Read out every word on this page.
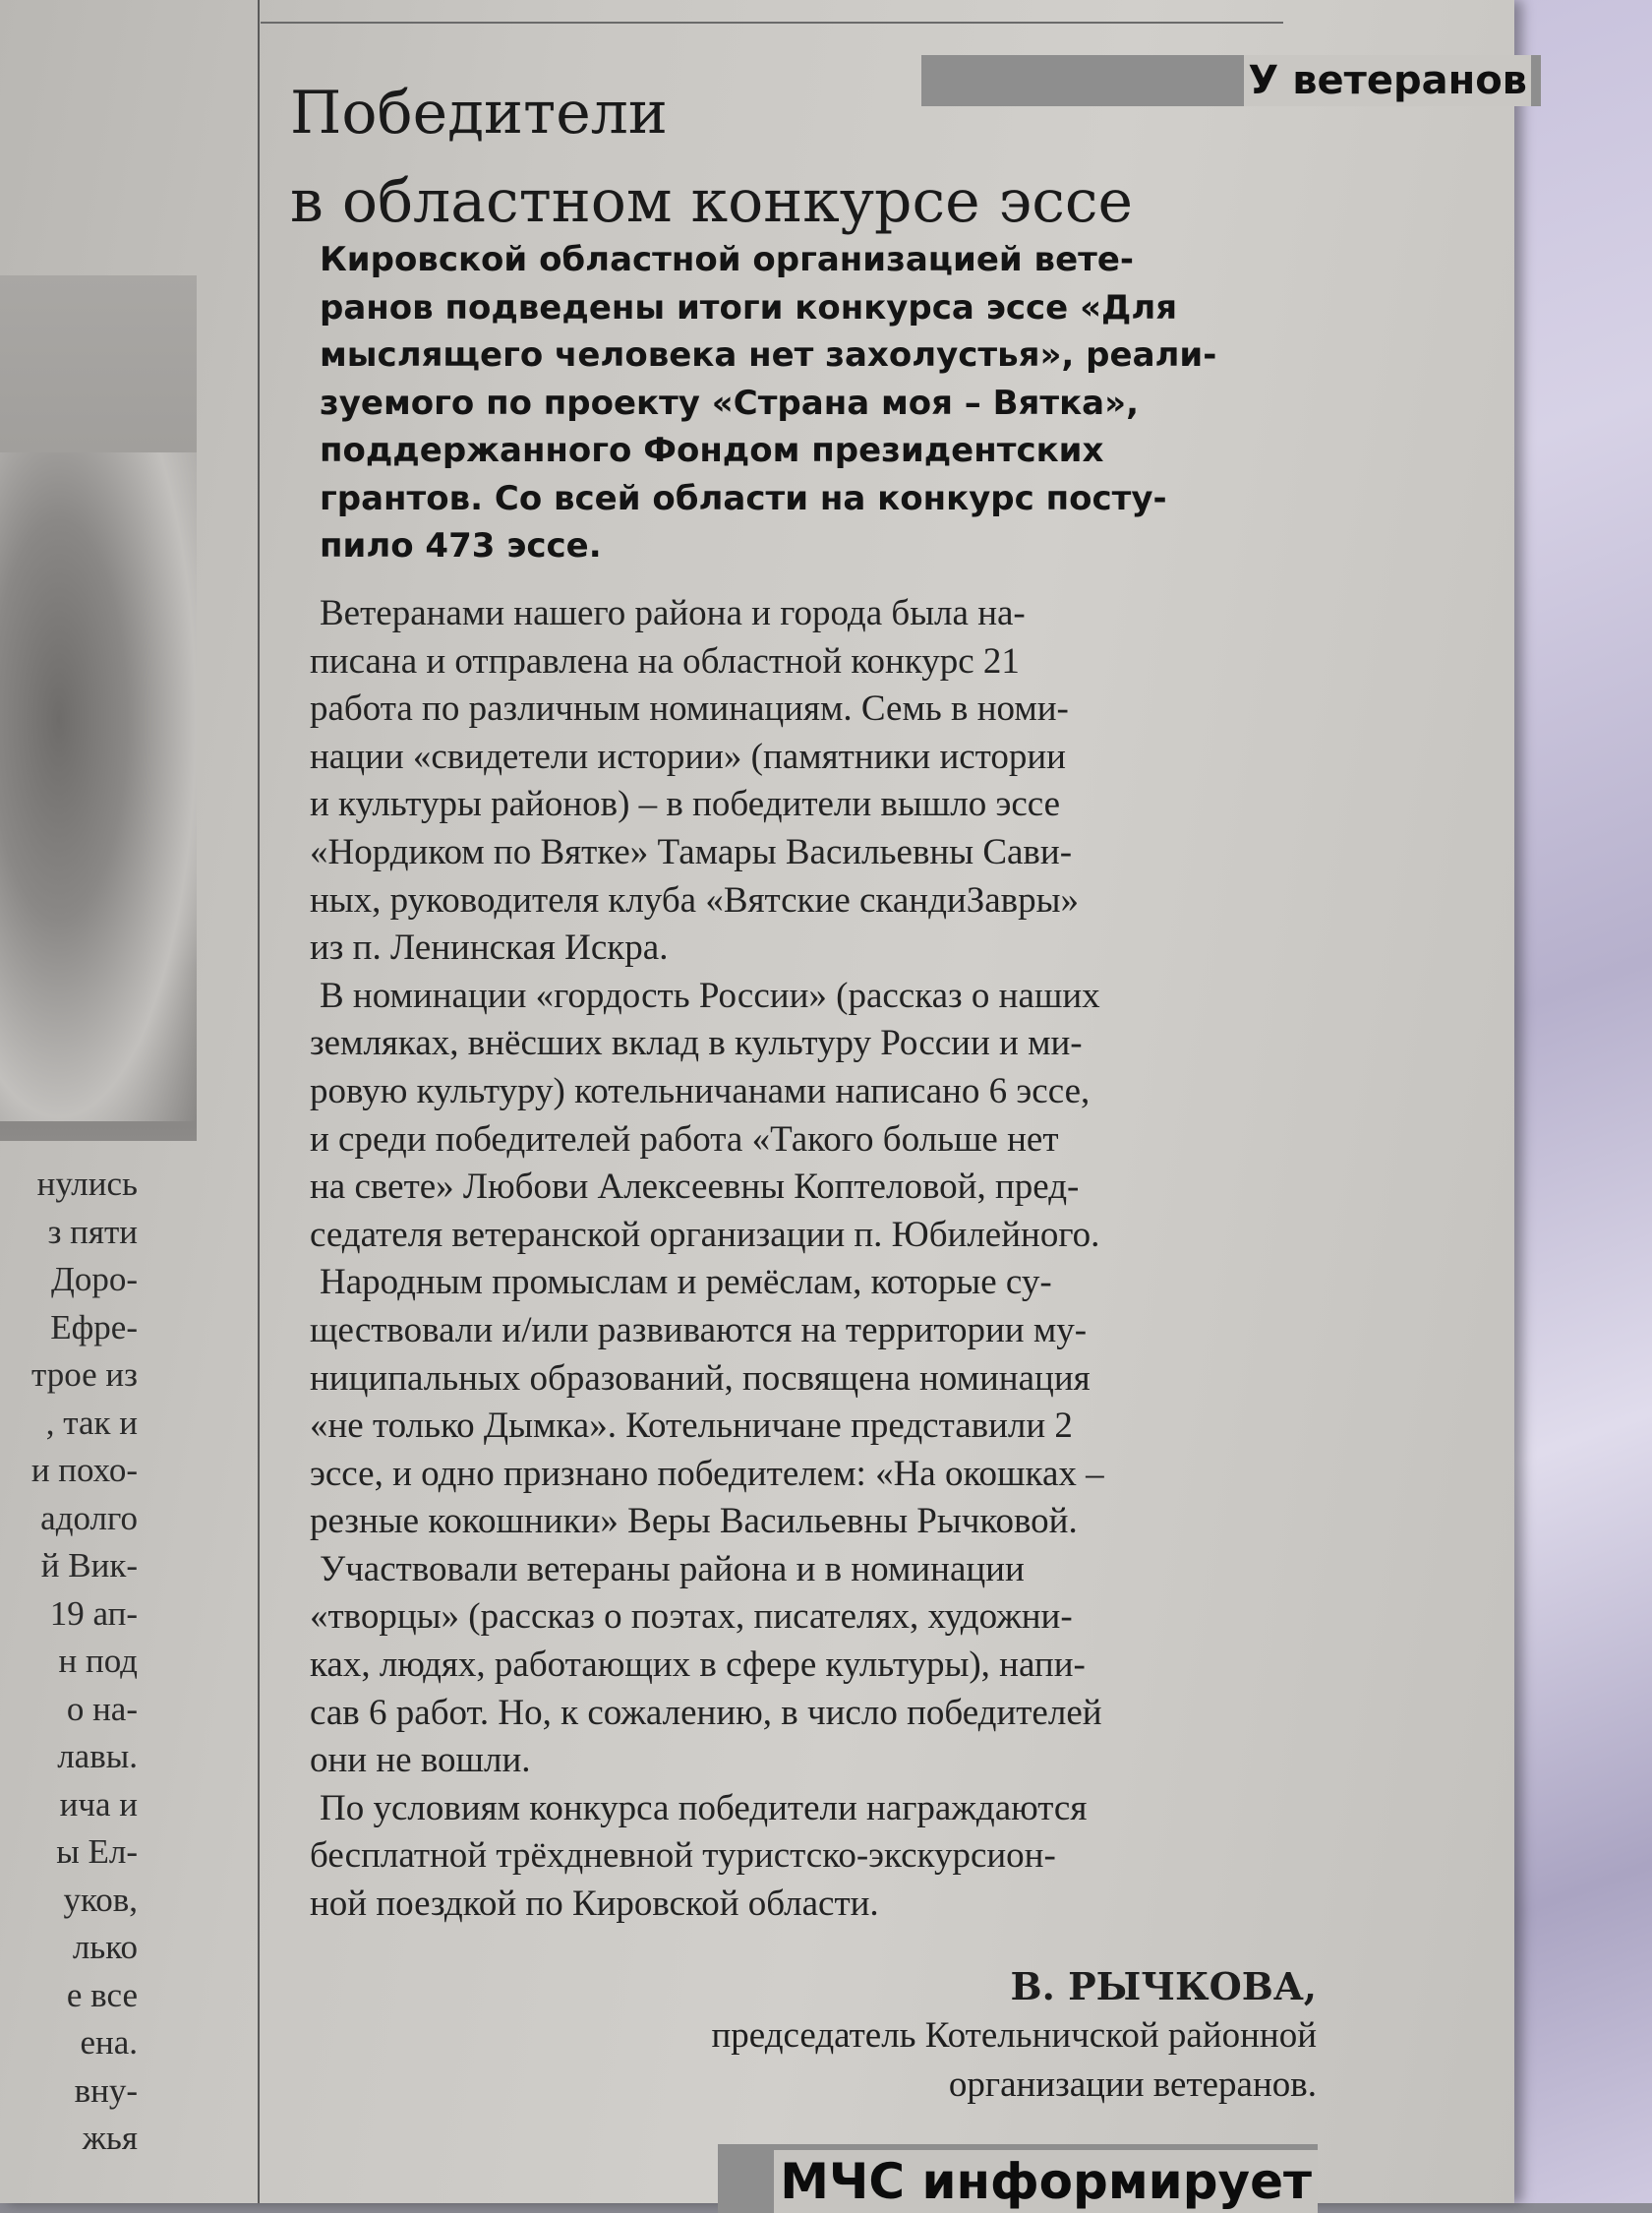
нулись
з пяти
Доро-
Ефре-
трое из
, так и
и похо-
адолго
й Вик-
19 ап-
н под
о на-
лавы.
ича и
ы Ел-
уков,
лько
е все
ена.
вну-
жья
У ветеранов
Победители
в областном конкурсе эссе
Кировской областной организацией вете-
ранов подведены итоги конкурса эссе «Для
мыслящего человека нет захолустья», реали-
зуемого по проекту «Страна моя – Вятка»,
поддержанного Фондом президентских
грантов. Со всей области на конкурс посту-
пило 473 эссе.
Ветеранами нашего района и города была на-
писана и отправлена на областной конкурс 21
работа по различным номинациям. Семь в номи-
нации «свидетели истории» (памятники истории
и культуры районов) – в победители вышло эссе
«Нордиком по Вятке» Тамары Васильевны Сави-
ных, руководителя клуба «Вятские скандиЗавры»
из п. Ленинская Искра.
В номинации «гордость России» (рассказ о наших
земляках, внёсших вклад в культуру России и ми-
ровую культуру) котельничанами написано 6 эссе,
и среди победителей работа «Такого больше нет
на свете» Любови Алексеевны Коптеловой, пред-
седателя ветеранской организации п. Юбилейного.
Народным промыслам и ремёслам, которые су-
ществовали и/или развиваются на территории му-
ниципальных образований, посвящена номинация
«не только Дымка». Котельничане представили 2
эссе, и одно признано победителем: «На окошках –
резные кокошники» Веры Васильевны Рычковой.
Участвовали ветераны района и в номинации
«творцы» (рассказ о поэтах, писателях, художни-
ках, людях, работающих в сфере культуры), напи-
сав 6 работ. Но, к сожалению, в число победителей
они не вошли.
По условиям конкурса победители награждаются
бесплатной трёхдневной туристско-экскурсион-
ной поездкой по Кировской области.
В. РЫЧКОВА,
председатель Котельничской районной
организации ветеранов.
МЧС информирует
